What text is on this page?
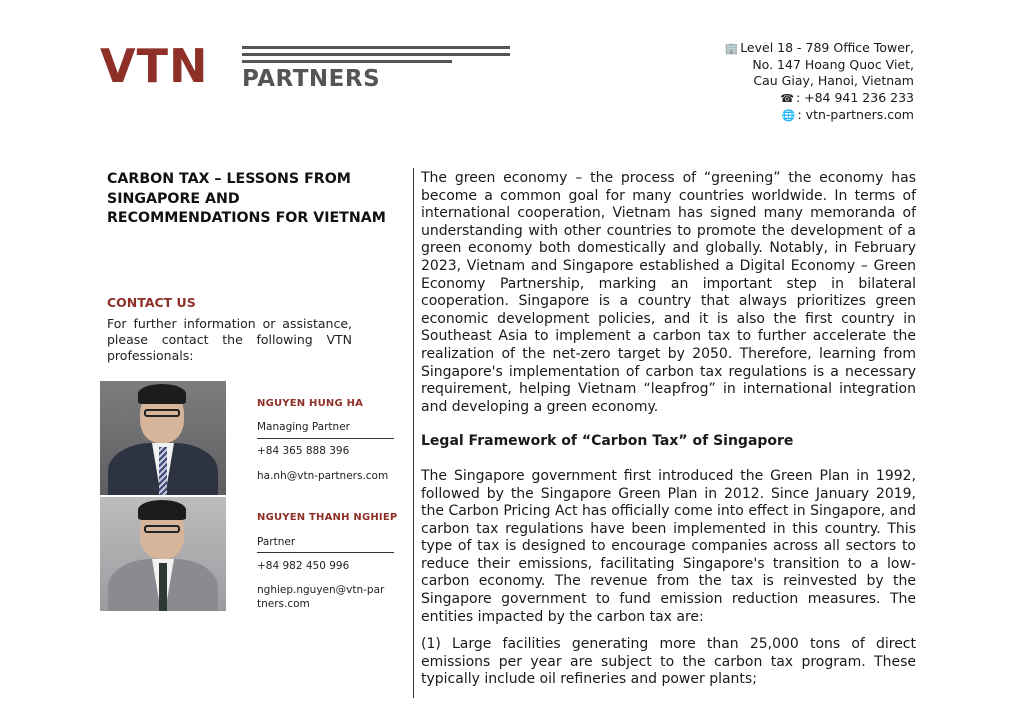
VTN PARTNERS
🏢 Level 18 - 789 Office Tower,
No. 147 Hoang Quoc Viet,
Cau Giay, Hanoi, Vietnam
☎ : +84 941 236 233
🌐 : vtn-partners.com
CARBON TAX – LESSONS FROM SINGAPORE AND RECOMMENDATIONS FOR VIETNAM
CONTACT US
For further information or assistance, please contact the following VTN professionals:
NGUYEN HUNG HA
Managing Partner
+84 365 888 396
ha.nh@vtn-partners.com
NGUYEN THANH NGHIEP
Partner
+84 982 450 996
nghiep.nguyen@vtn-partners.com

The green economy – the process of “greening” the economy has become a common goal for many countries worldwide. In terms of international cooperation, Vietnam has signed many memoranda of understanding with other countries to promote the development of a green economy both domestically and globally. Notably, in February 2023, Vietnam and Singapore established a Digital Economy – Green Economy Partnership, marking an important step in bilateral cooperation. Singapore is a country that always prioritizes green economic development policies, and it is also the first country in Southeast Asia to implement a carbon tax to further accelerate the realization of the net-zero target by 2050. Therefore, learning from Singapore's implementation of carbon tax regulations is a necessary requirement, helping Vietnam “leapfrog” in international integration and developing a green economy.

Legal Framework of “Carbon Tax” of Singapore

The Singapore government first introduced the Green Plan in 1992, followed by the Singapore Green Plan in 2012. Since January 2019, the Carbon Pricing Act has officially come into effect in Singapore, and carbon tax regulations have been implemented in this country. This type of tax is designed to encourage companies across all sectors to reduce their emissions, facilitating Singapore's transition to a low-carbon economy. The revenue from the tax is reinvested by the Singapore government to fund emission reduction measures. The entities impacted by the carbon tax are:

(1) Large facilities generating more than 25,000 tons of direct emissions per year are subject to the carbon tax program. These typically include oil refineries and power plants;
